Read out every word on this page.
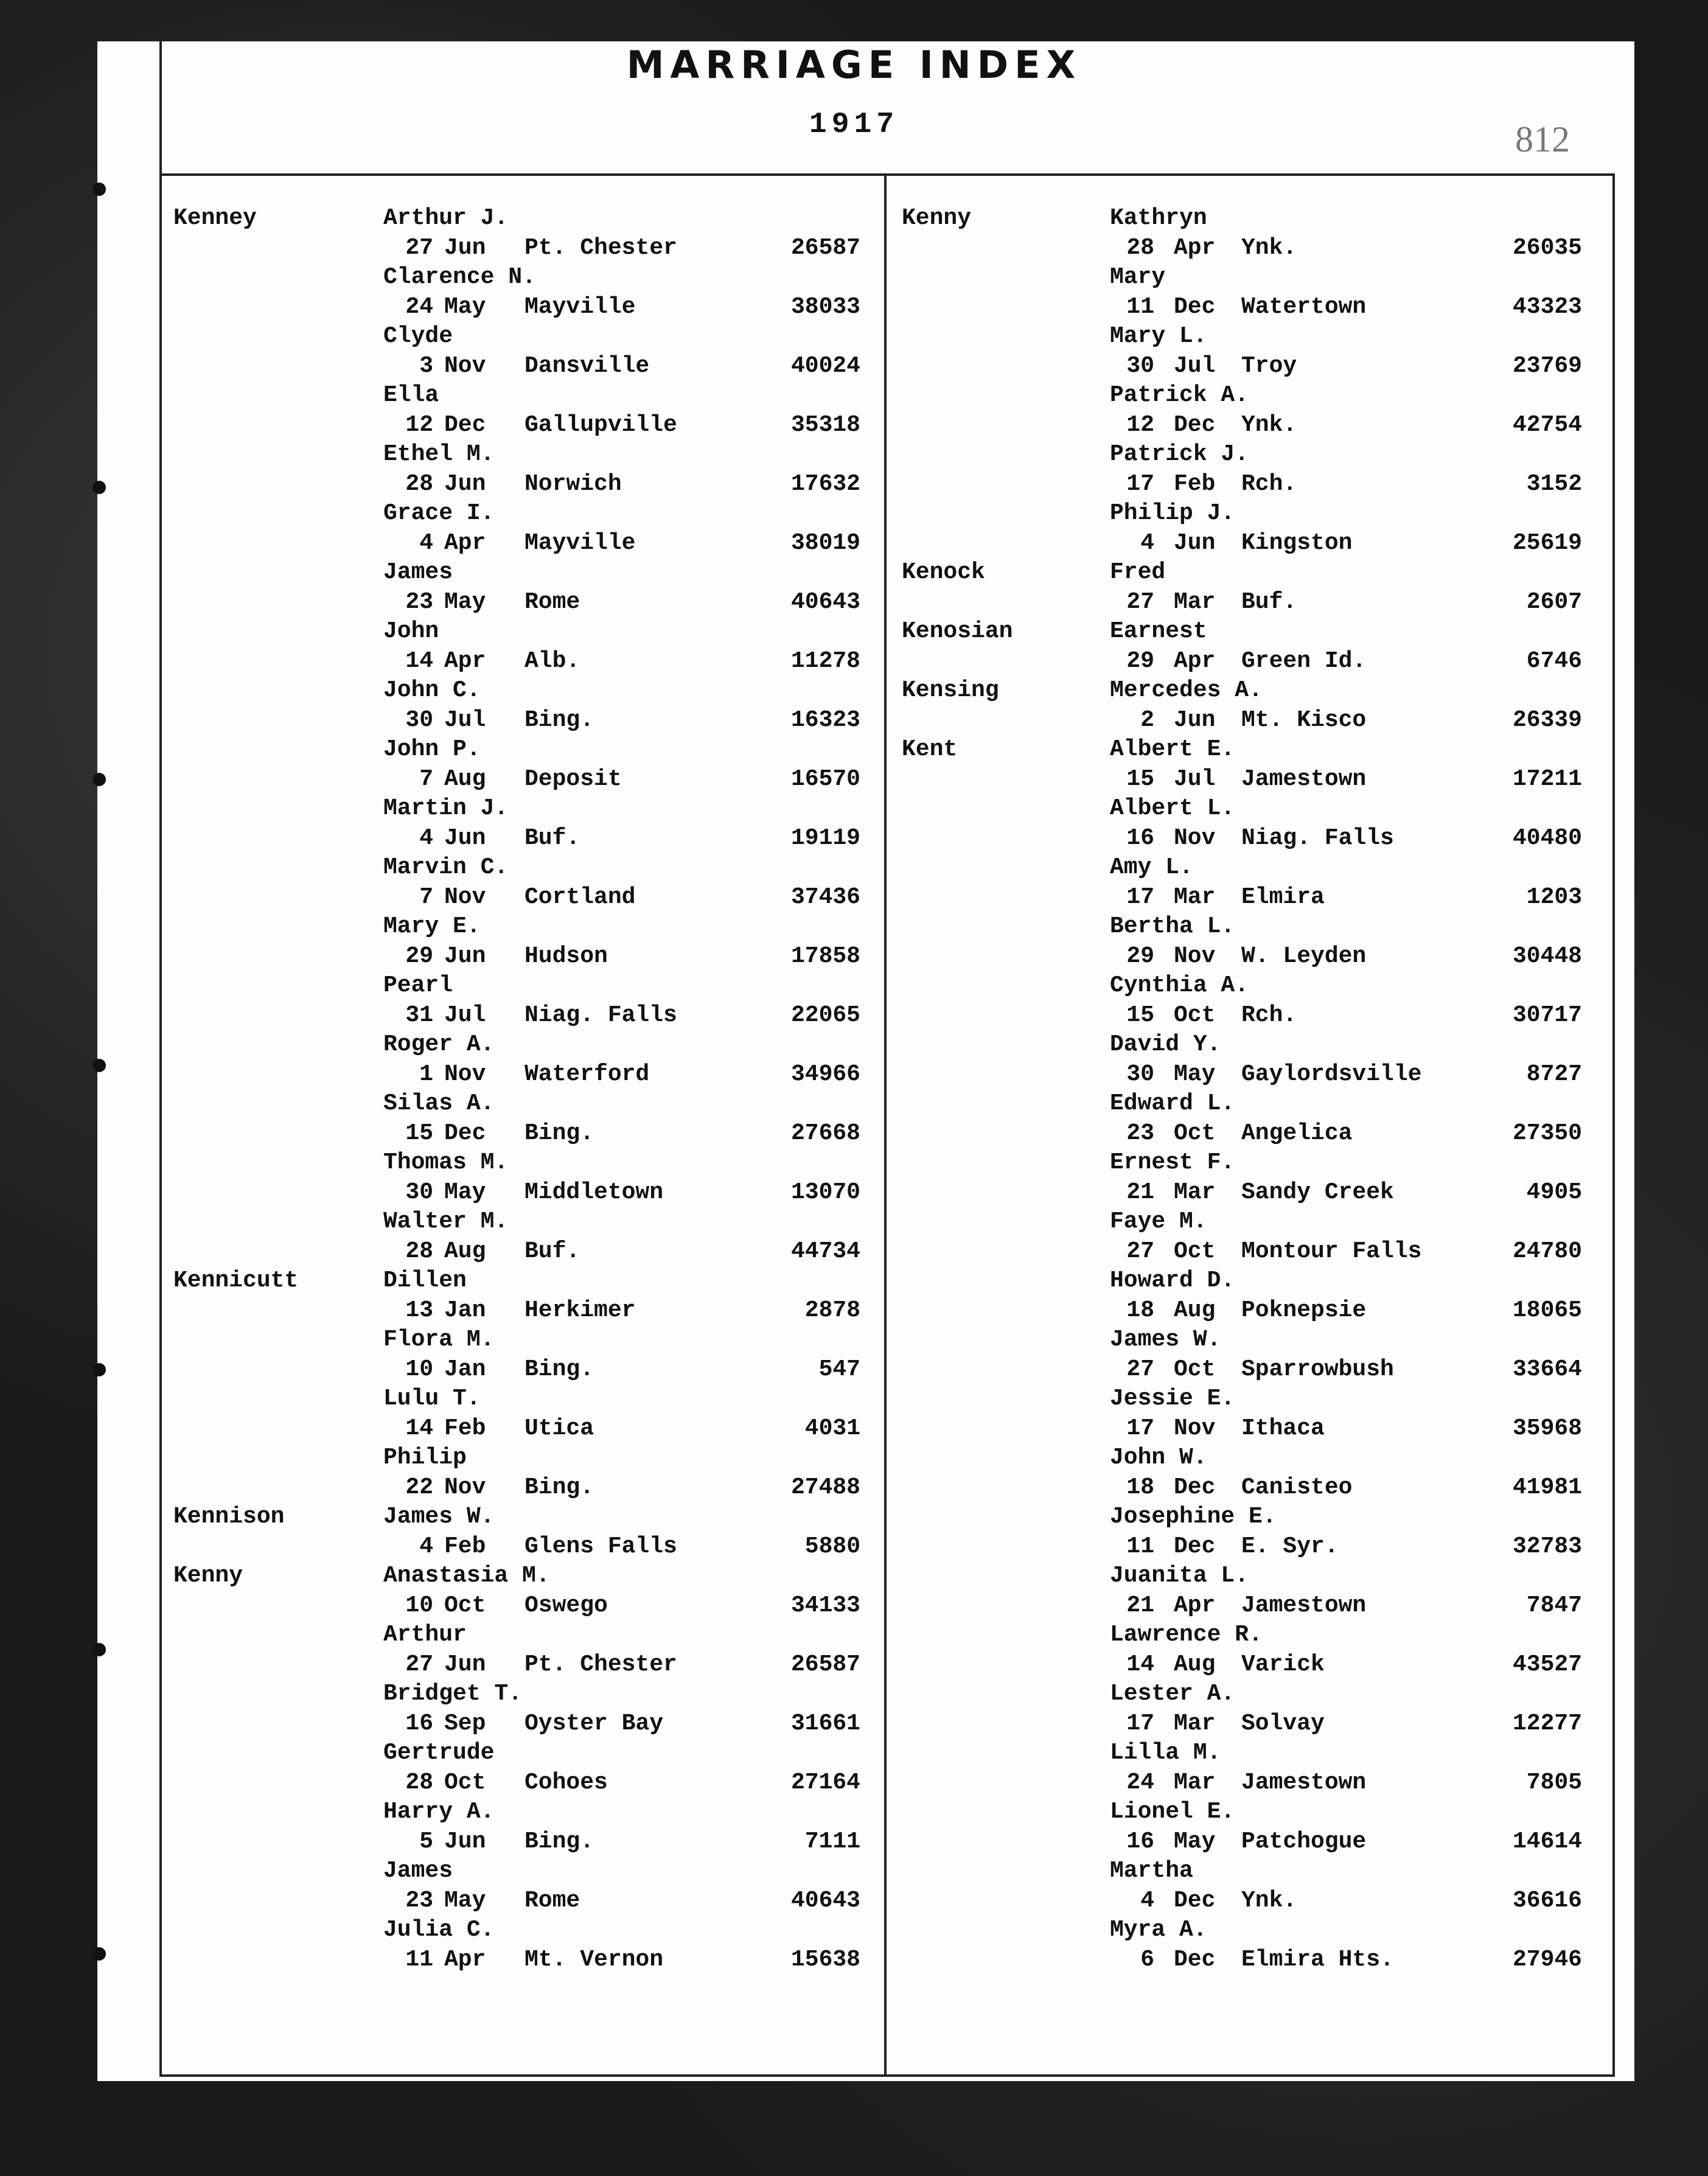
MARRIAGE INDEX
1917	812
Kenney	Arthur J.
27 Jun Pt. Chester	26587
Clarence N.
24 May Mayville	38033
Clyde
3 Nov Dansville	40024
Ella
12 Dec Gallupville	35318
Ethel M.
28 Jun Norwich	17632
Grace I.
4 Apr Mayville	38019
James
23 May Rome	40643
John
14 Apr Alb.	11278
John C.
30 Jul Bing.	16323
John P.
7 Aug Deposit	16570
Martin J.
4 Jun Buf.	19119
Marvin C.
7 Nov Cortland	37436
Mary E.
29 Jun Hudson	17858
Pearl
31 Jul Niag. Falls	22065
Roger A.
1 Nov Waterford	34966
Silas A.
15 Dec Bing.	27668
Thomas M.
30 May Middletown	13070
Walter M.
28 Aug Buf.	44734
Kennicutt	Dillen
13 Jan Herkimer	2878
Flora M.
10 Jan Bing.	547
Lulu T.
14 Feb Utica	4031
Philip
22 Nov Bing.	27488
Kennison	James W.
4 Feb Glens Falls	5880
Kenny	Anastasia M.
10 Oct Oswego	34133
Arthur
27 Jun Pt. Chester	26587
Bridget T.
16 Sep Oyster Bay	31661
Gertrude
28 Oct Cohoes	27164
Harry A.
5 Jun Bing.	7111
James
23 May Rome	40643
Julia C.
11 Apr Mt. Vernon	15638
Kenny	Kathryn
28 Apr Ynk.	26035
Mary
11 Dec Watertown	43323
Mary L.
30 Jul Troy	23769
Patrick A.
12 Dec Ynk.	42754
Patrick J.
17 Feb Rch.	3152
Philip J.
4 Jun Kingston	25619
Kenock	Fred
27 Mar Buf.	2607
Kenosian	Earnest
29 Apr Green Id.	6746
Kensing	Mercedes A.
2 Jun Mt. Kisco	26339
Kent	Albert E.
15 Jul Jamestown	17211
Albert L.
16 Nov Niag. Falls	40480
Amy L.
17 Mar Elmira	1203
Bertha L.
29 Nov W. Leyden	30448
Cynthia A.
15 Oct Rch.	30717
David Y.
30 May Gaylordsville	8727
Edward L.
23 Oct Angelica	27350
Ernest F.
21 Mar Sandy Creek	4905
Faye M.
27 Oct Montour Falls	24780
Howard D.
18 Aug Poknepsie	18065
James W.
27 Oct Sparrowbush	33664
Jessie E.
17 Nov Ithaca	35968
John W.
18 Dec Canisteo	41981
Josephine E.
11 Dec E. Syr.	32783
Juanita L.
21 Apr Jamestown	7847
Lawrence R.
14 Aug Varick	43527
Lester A.
17 Mar Solvay	12277
Lilla M.
24 Mar Jamestown	7805
Lionel E.
16 May Patchogue	14614
Martha
4 Dec Ynk.	36616
Myra A.
6 Dec Elmira Hts.	27946
